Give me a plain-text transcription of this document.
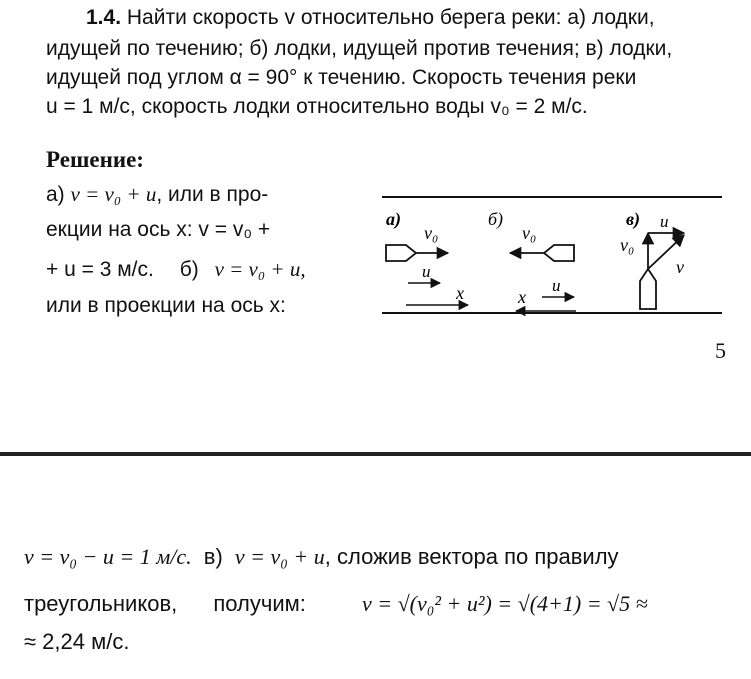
1.4. Найти скорость v относительно берега реки: а) лодки,
идущей по течению; б) лодки, идущей против течения; в) лодки,
идущей под углом α = 90° к течению. Скорость течения реки
u = 1 м/с, скорость лодки относительно воды v₀ = 2 м/с.
Решение:
а) v = v₀ + u, или в про-
екции на ось x: v = v₀ +
+ u = 3 м/с. б) v = v₀ + u,
или в проекции на ось x:
а)
v₀
u
x
б)
v₀
u
x
в)
v₀
u
v
5
v = v₀ − u = 1 м/с. в) v = v₀ + u, сложив вектора по правилу
треугольников, получим:	v = √(v₀² + u²) = √(4+1) = √5 ≈
≈ 2,24 м/с.
